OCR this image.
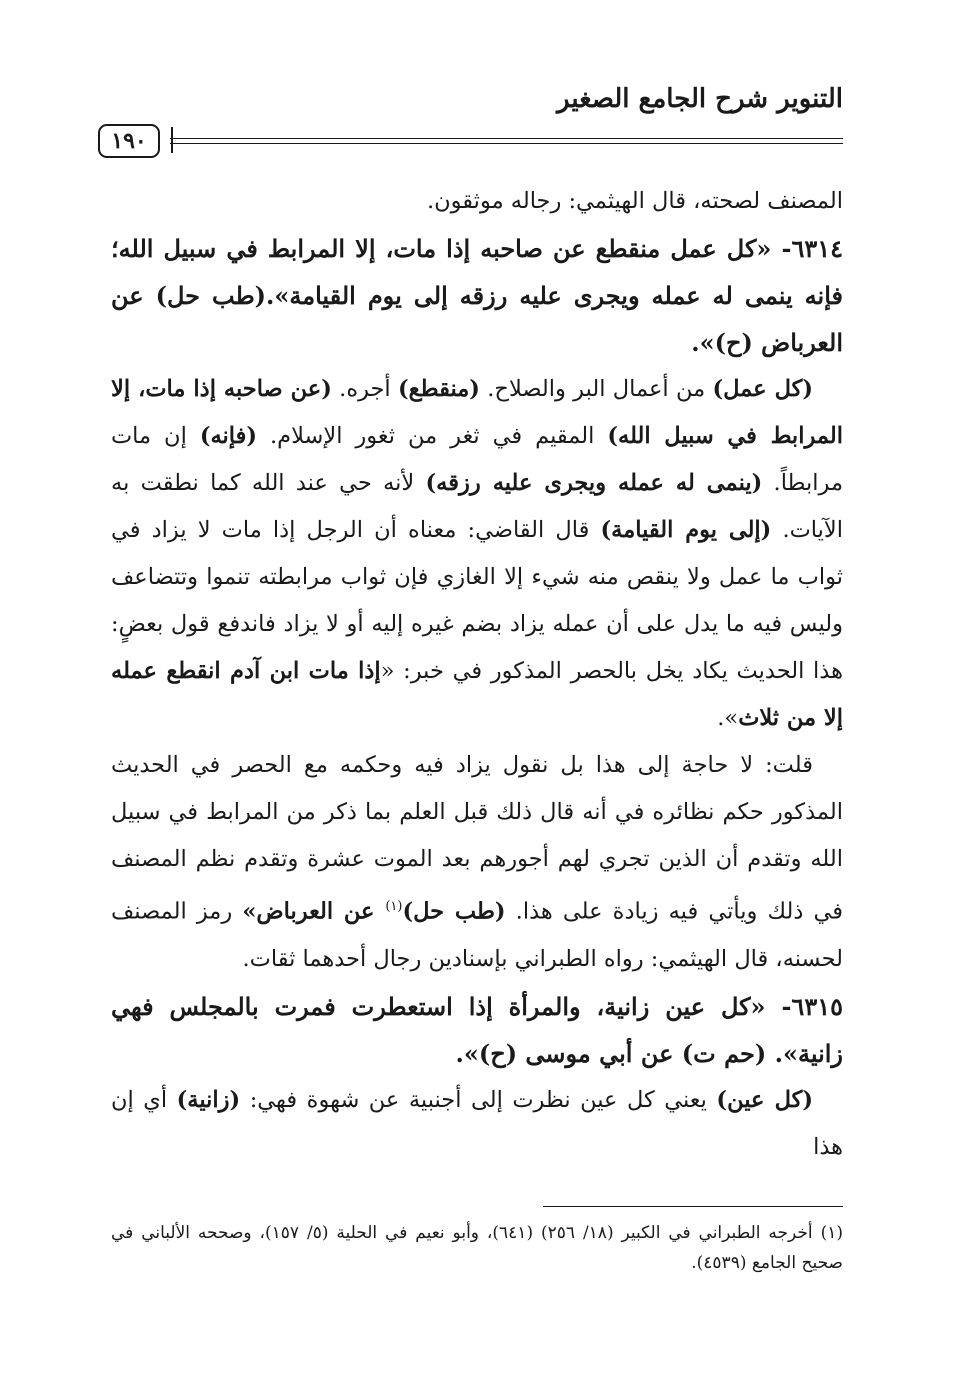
التنوير شرح الجامع الصغير
١٩٠

المصنف لصحته، قال الهيثمي: رجاله موثقون.

٦٣١٤- «كل عمل منقطع عن صاحبه إذا مات، إلا المرابط في سبيل الله؛ فإنه ينمى له عمله ويجرى عليه رزقه إلى يوم القيامة».(طب حل) عن العرباض (ح)».

(كل عمل) من أعمال البر والصلاح. (منقطع) أجره. (عن صاحبه إذا مات، إلا المرابط في سبيل الله) المقيم في ثغر من ثغور الإسلام. (فإنه) إن مات مرابطاً. (ينمى له عمله ويجرى عليه رزقه) لأنه حي عند الله كما نطقت به الآيات. (إلى يوم القيامة) قال القاضي: معناه أن الرجل إذا مات لا يزاد في ثواب ما عمل ولا ينقص منه شيء إلا الغازي فإن ثواب مرابطته تنموا وتتضاعف وليس فيه ما يدل على أن عمله يزاد بضم غيره إليه أو لا يزاد فاندفع قول بعضٍ: هذا الحديث يكاد يخل بالحصر المذكور في خبر: «إذا مات ابن آدم انقطع عمله إلا من ثلاث».

قلت: لا حاجة إلى هذا بل نقول يزاد فيه وحكمه مع الحصر في الحديث المذكور حكم نظائره في أنه قال ذلك قبل العلم بما ذكر من المرابط في سبيل الله وتقدم أن الذين تجري لهم أجورهم بعد الموت عشرة وتقدم نظم المصنف في ذلك ويأتي فيه زيادة على هذا. (طب حل)$^{(١)}$ عن العرباض» رمز المصنف لحسنه، قال الهيثمي: رواه الطبراني بإسنادين رجال أحدهما ثقات.

٦٣١٥- «كل عين زانية، والمرأة إذا استعطرت فمرت بالمجلس فهي زانية». (حم ت) عن أبي موسى (ح)».

(كل عين) يعني كل عين نظرت إلى أجنبية عن شهوة فهي: (زانية) أي إن هذا

(١) أخرجه الطبراني في الكبير (١٨/ ٢٥٦) (٦٤١)، وأبو نعيم في الحلية (٥/ ١٥٧)، وصححه الألباني في صحيح الجامع (٤٥٣٩).
